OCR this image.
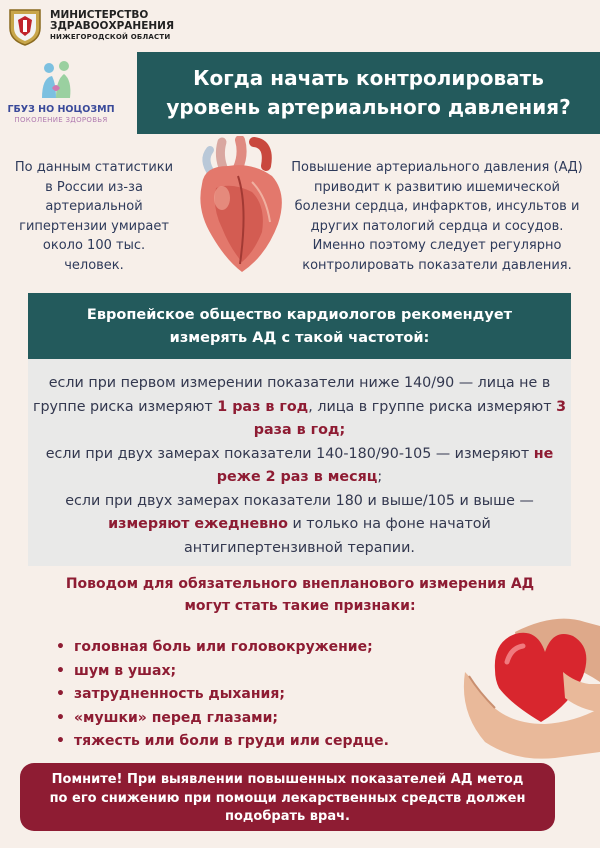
МИНИСТЕРСТВО
ЗДРАВООХРАНЕНИЯ
НИЖЕГОРОДСКОЙ ОБЛАСТИ
ГБУЗ НО НОЦОЗМП
ПОКОЛЕНИЕ ЗДОРОВЬЯ
Когда начать контролировать
уровень артериального давления?
По данным статистики
в России из-за
артериальной
гипертензии умирает
около 100 тыс.
человек.
Повышение артериального давления (АД)
приводит к развитию ишемической
болезни сердца, инфарктов, инсультов и
других патологий сердца и сосудов.
Именно поэтому следует регулярно
контролировать показатели давления.
Европейское общество кардиологов рекомендует
измерять АД с такой частотой:
если при первом измерении показатели ниже 140/90 — лица не в группе риска измеряют 1 раз в год, лица в группе риска измеряют 3 раза в год;
если при двух замерах показатели 140-180/90-105 — измеряют не реже 2 раз в месяц;
если при двух замерах показатели 180 и выше/105 и выше — измеряют ежедневно и только на фоне начатой антигипертензивной терапии.
Поводом для обязательного внепланового измерения АД
могут стать такие признаки:
• головная боль или головокружение;
• шум в ушах;
• затрудненность дыхания;
• «мушки» перед глазами;
• тяжесть или боли в груди или сердце.
Помните! При выявлении повышенных показателей АД метод
по его снижению при помощи лекарственных средств должен
подобрать врач.
